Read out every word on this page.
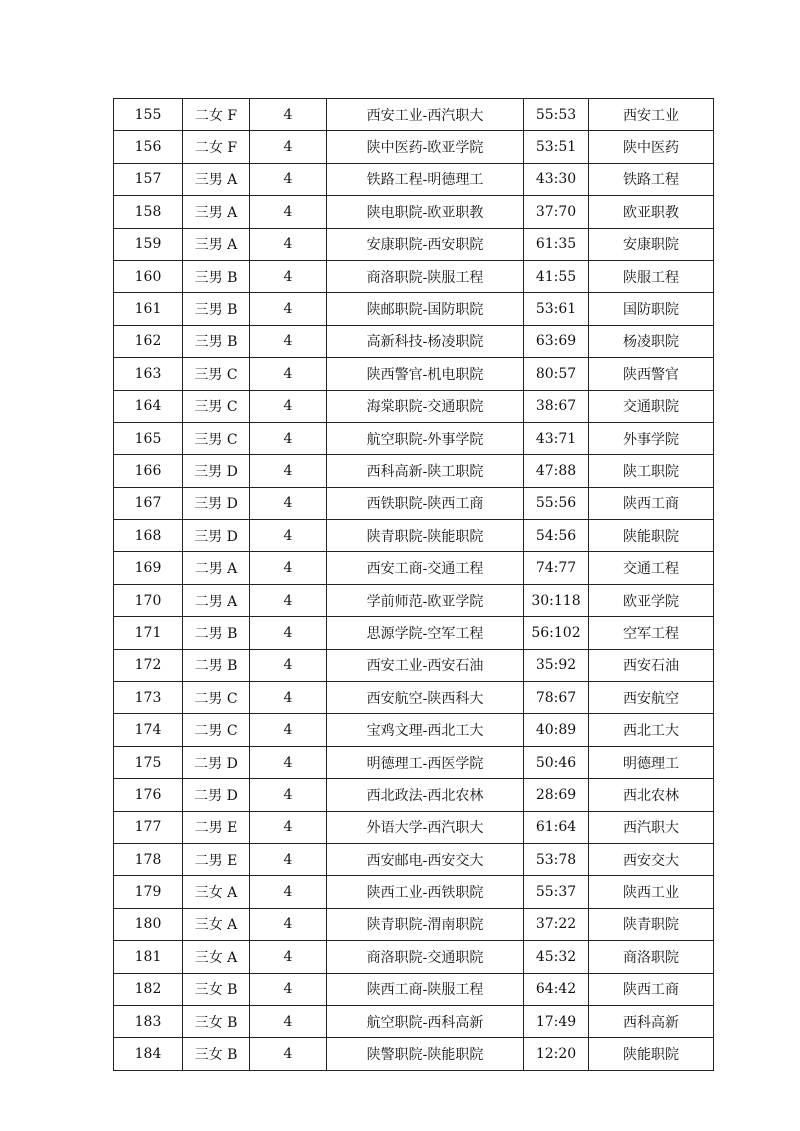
155	二女 F	4	西安工业-西汽职大	55:53	西安工业
156	二女 F	4	陕中医药-欧亚学院	53:51	陕中医药
157	三男 A	4	铁路工程-明德理工	43:30	铁路工程
158	三男 A	4	陕电职院-欧亚职教	37:70	欧亚职教
159	三男 A	4	安康职院-西安职院	61:35	安康职院
160	三男 B	4	商洛职院-陕服工程	41:55	陕服工程
161	三男 B	4	陕邮职院-国防职院	53:61	国防职院
162	三男 B	4	高新科技-杨凌职院	63:69	杨凌职院
163	三男 C	4	陕西警官-机电职院	80:57	陕西警官
164	三男 C	4	海棠职院-交通职院	38:67	交通职院
165	三男 C	4	航空职院-外事学院	43:71	外事学院
166	三男 D	4	西科高新-陕工职院	47:88	陕工职院
167	三男 D	4	西铁职院-陕西工商	55:56	陕西工商
168	三男 D	4	陕青职院-陕能职院	54:56	陕能职院
169	二男 A	4	西安工商-交通工程	74:77	交通工程
170	二男 A	4	学前师范-欧亚学院	30:118	欧亚学院
171	二男 B	4	思源学院-空军工程	56:102	空军工程
172	二男 B	4	西安工业-西安石油	35:92	西安石油
173	二男 C	4	西安航空-陕西科大	78:67	西安航空
174	二男 C	4	宝鸡文理-西北工大	40:89	西北工大
175	二男 D	4	明德理工-西医学院	50:46	明德理工
176	二男 D	4	西北政法-西北农林	28:69	西北农林
177	二男 E	4	外语大学-西汽职大	61:64	西汽职大
178	二男 E	4	西安邮电-西安交大	53:78	西安交大
179	三女 A	4	陕西工业-西铁职院	55:37	陕西工业
180	三女 A	4	陕青职院-渭南职院	37:22	陕青职院
181	三女 A	4	商洛职院-交通职院	45:32	商洛职院
182	三女 B	4	陕西工商-陕服工程	64:42	陕西工商
183	三女 B	4	航空职院-西科高新	17:49	西科高新
184	三女 B	4	陕警职院-陕能职院	12:20	陕能职院
